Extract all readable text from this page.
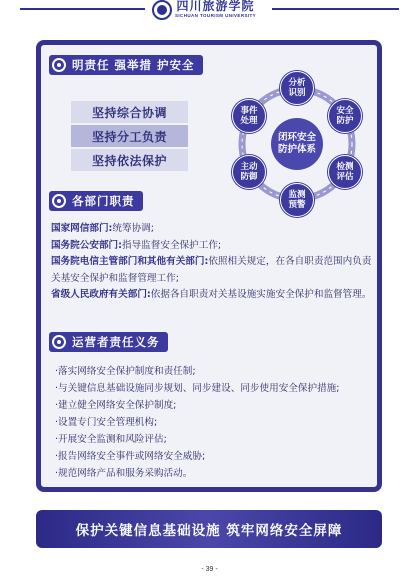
四川旅游学院
SICHUAN TOURISM UNIVERSITY
明责任 强举措 护安全
坚持综合协调
坚持分工负责
坚持依法保护
闭环安全防护体系
分析识别
安全防护
检测评估
监测预警
主动防御
事件处理
各部门职责
国家网信部门:统筹协调;
国务院公安部门:指导监督安全保护工作;
国务院电信主管部门和其他有关部门:依照相关规定，在各自职责范围内负责关基安全保护和监督管理工作;
省级人民政府有关部门:依据各自职责对关基设施实施安全保护和监督管理。
运营者责任义务
·落实网络安全保护制度和责任制;
·与关键信息基础设施同步规划、同步建设、同步使用安全保护措施;
·建立健全网络安全保护制度;
·设置专门安全管理机构;
·开展安全监测和风险评估;
·报告网络安全事件或网络安全威胁;
·规范网络产品和服务采购活动。
保护关键信息基础设施 筑牢网络安全屏障
- 39 -
